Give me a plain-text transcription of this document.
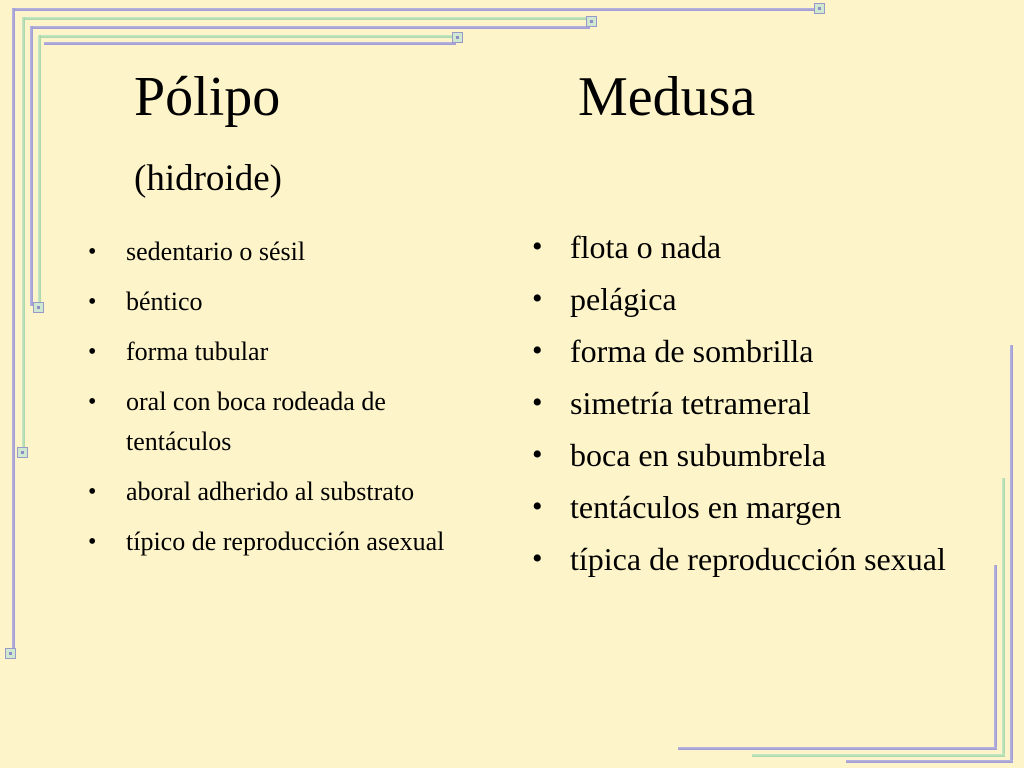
Pólipo	Medusa
(hidroide)
• sedentario o sésil
• béntico
• forma tubular
• oral con boca rodeada de tentáculos
• aboral adherido al substrato
• típico de reproducción asexual
• flota o nada
• pelágica
• forma de sombrilla
• simetría tetrameral
• boca en subumbrela
• tentáculos en margen
• típica de reproducción sexual
